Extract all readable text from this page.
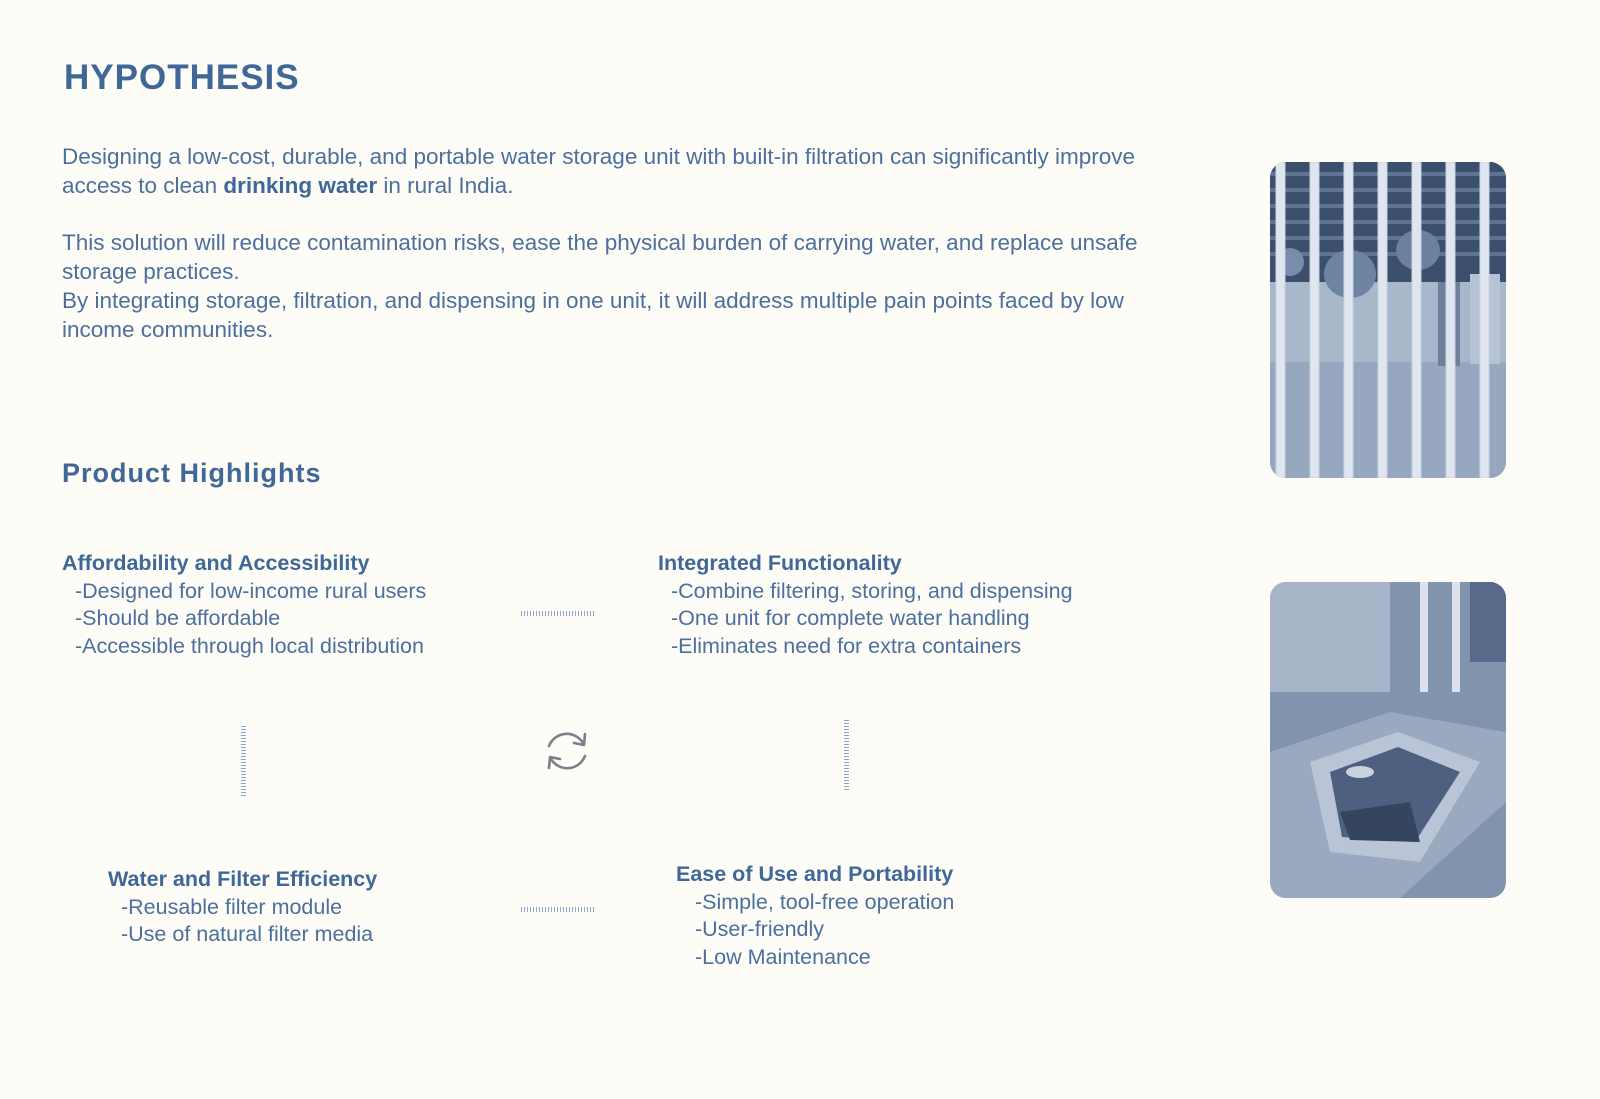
HYPOTHESIS

Designing a low-cost, durable, and portable water storage unit with built-in filtration can significantly improve access to clean drinking water in rural India.

This solution will reduce contamination risks, ease the physical burden of carrying water, and replace unsafe storage practices.
By integrating storage, filtration, and dispensing in one unit, it will address multiple pain points faced by low income communities.
Product Highlights
Affordability and Accessibility
-Designed for low-income rural users
-Should be affordable
-Accessible through local distribution
Integrated Functionality
-Combine filtering, storing, and dispensing
-One unit for complete water handling
-Eliminates need for extra containers
Water and Filter Efficiency
-Reusable filter module
-Use of natural filter media
Ease of Use and Portability
-Simple, tool-free operation
-User-friendly
-Low Maintenance
